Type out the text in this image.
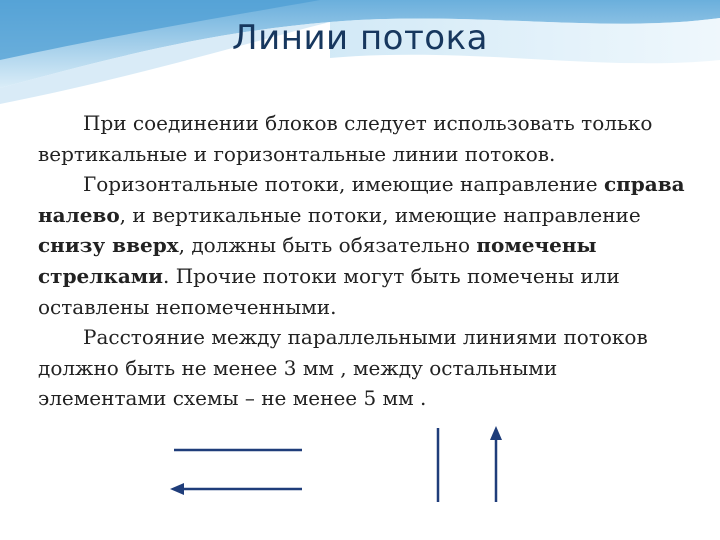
Линии потока

При соединении блоков следует использовать только вертикальные и горизонтальные линии потоков.

Горизонтальные потоки, имеющие направление справа налево, и вертикальные потоки, имеющие направление снизу вверх, должны быть обязательно помечены стрелками. Прочие потоки могут быть помечены или оставлены непомеченными.

Расстояние между параллельными линиями потоков должно быть не менее 3 мм , между остальными элементами схемы – не менее 5 мм .
